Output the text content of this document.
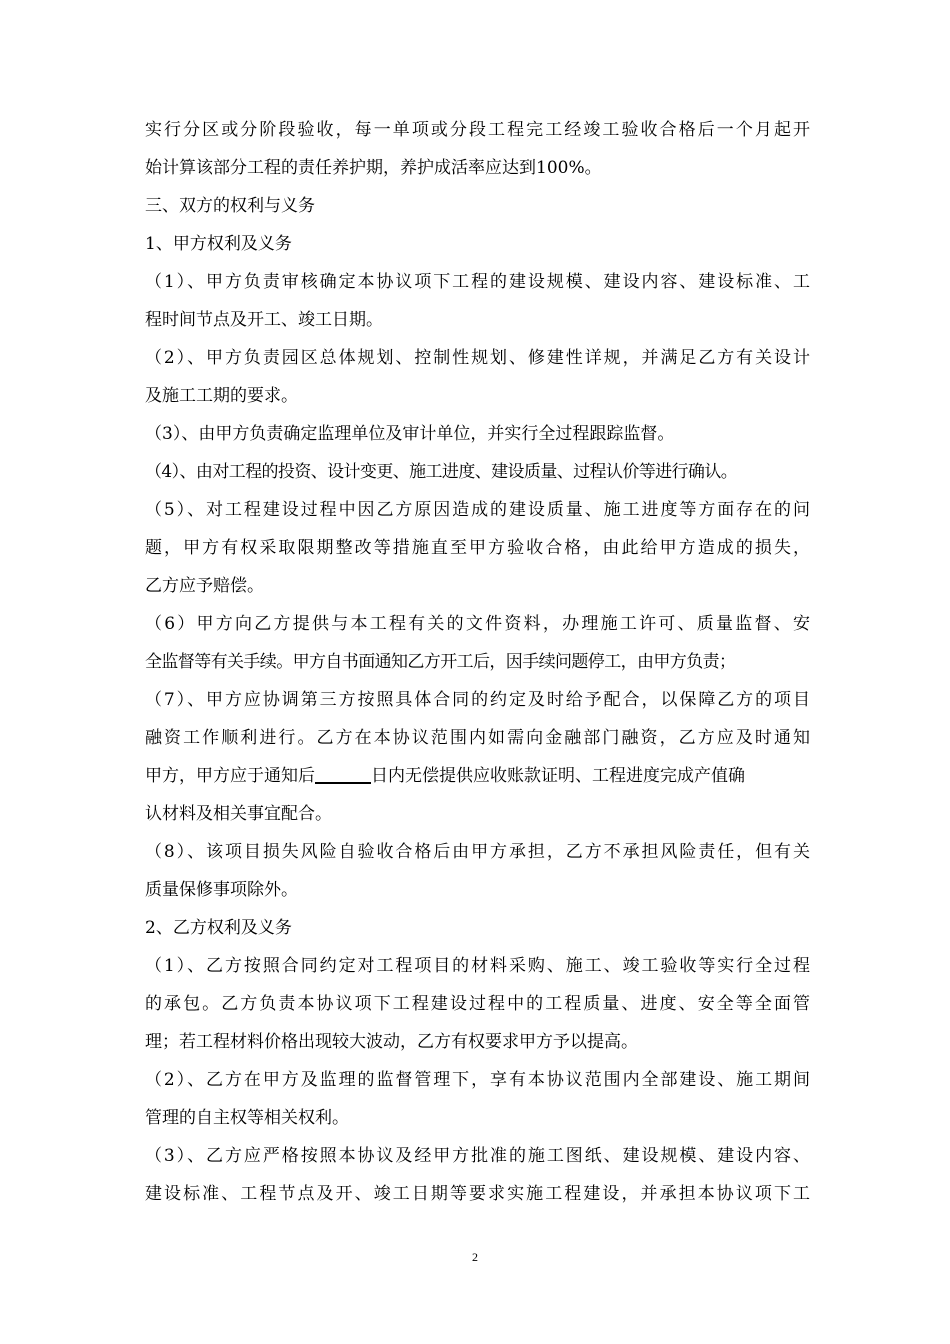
实行分区或分阶段验收，每一单项或分段工程完工经竣工验收合格后一个月起开
始计算该部分工程的责任养护期，养护成活率应达到100%。
三、双方的权利与义务
1、甲方权利及义务
（1）、甲方负责审核确定本协议项下工程的建设规模、建设内容、建设标准、工
程时间节点及开工、竣工日期。
（2）、甲方负责园区总体规划、控制性规划、修建性详规，并满足乙方有关设计
及施工工期的要求。
（3）、由甲方负责确定监理单位及审计单位，并实行全过程跟踪监督。
（4）、由对工程的投资、设计变更、施工进度、建设质量、过程认价等进行确认。
（5）、对工程建设过程中因乙方原因造成的建设质量、施工进度等方面存在的问
题，甲方有权采取限期整改等措施直至甲方验收合格，由此给甲方造成的损失，
乙方应予赔偿。
（6）甲方向乙方提供与本工程有关的文件资料，办理施工许可、质量监督、安
全监督等有关手续。甲方自书面通知乙方开工后，因手续问题停工，由甲方负责；
（7）、甲方应协调第三方按照具体合同的约定及时给予配合，以保障乙方的项目
融资工作顺利进行。乙方在本协议范围内如需向金融部门融资，乙方应及时通知
甲方，甲方应于通知后	日内无偿提供应收账款证明、工程进度完成产值确
认材料及相关事宜配合。
（8）、该项目损失风险自验收合格后由甲方承担，乙方不承担风险责任，但有关
质量保修事项除外。
2、乙方权利及义务
（1）、乙方按照合同约定对工程项目的材料采购、施工、竣工验收等实行全过程
的承包。乙方负责本协议项下工程建设过程中的工程质量、进度、安全等全面管
理；若工程材料价格出现较大波动，乙方有权要求甲方予以提高。
（2）、乙方在甲方及监理的监督管理下，享有本协议范围内全部建设、施工期间
管理的自主权等相关权利。
（3）、乙方应严格按照本协议及经甲方批准的施工图纸、建设规模、建设内容、
建设标准、工程节点及开、竣工日期等要求实施工程建设，并承担本协议项下工
2
